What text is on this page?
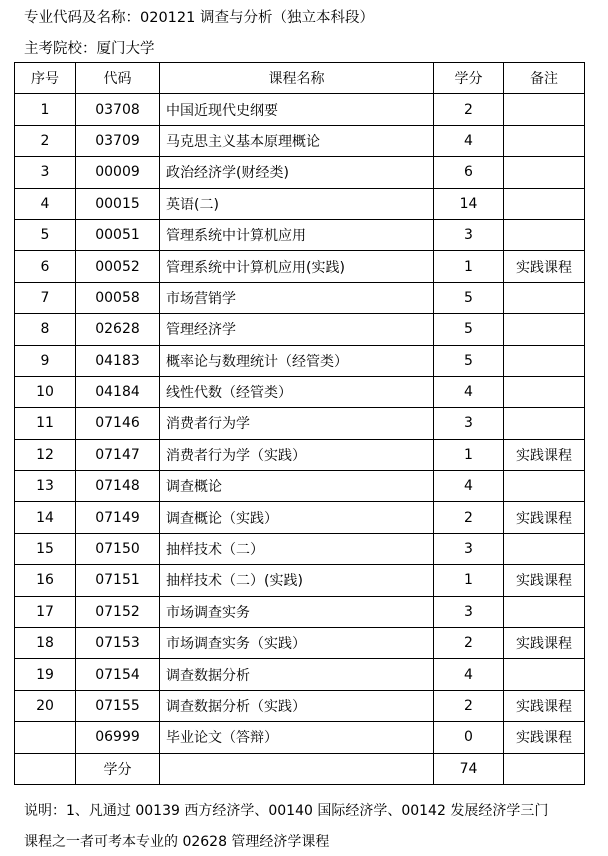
专业代码及名称：020121 调查与分析（独立本科段）
主考院校：厦门大学
序号	代码	课程名称	学分	备注
1	03708	中国近现代史纲要	2	
2	03709	马克思主义基本原理概论	4	
3	00009	政治经济学(财经类)	6	
4	00015	英语(二)	14	
5	00051	管理系统中计算机应用	3	
6	00052	管理系统中计算机应用(实践)	1	实践课程
7	00058	市场营销学	5	
8	02628	管理经济学	5	
9	04183	概率论与数理统计（经管类）	5	
10	04184	线性代数（经管类）	4	
11	07146	消费者行为学	3	
12	07147	消费者行为学（实践）	1	实践课程
13	07148	调查概论	4	
14	07149	调查概论（实践）	2	实践课程
15	07150	抽样技术（二）	3	
16	07151	抽样技术（二）(实践)	1	实践课程
17	07152	市场调查实务	3	
18	07153	市场调查实务（实践）	2	实践课程
19	07154	调查数据分析	4	
20	07155	调查数据分析（实践）	2	实践课程
	06999	毕业论文（答辩）	0	实践课程
	学分		74	
说明：1、凡通过 00139 西方经济学、00140 国际经济学、00142 发展经济学三门
课程之一者可考本专业的 02628 管理经济学课程
